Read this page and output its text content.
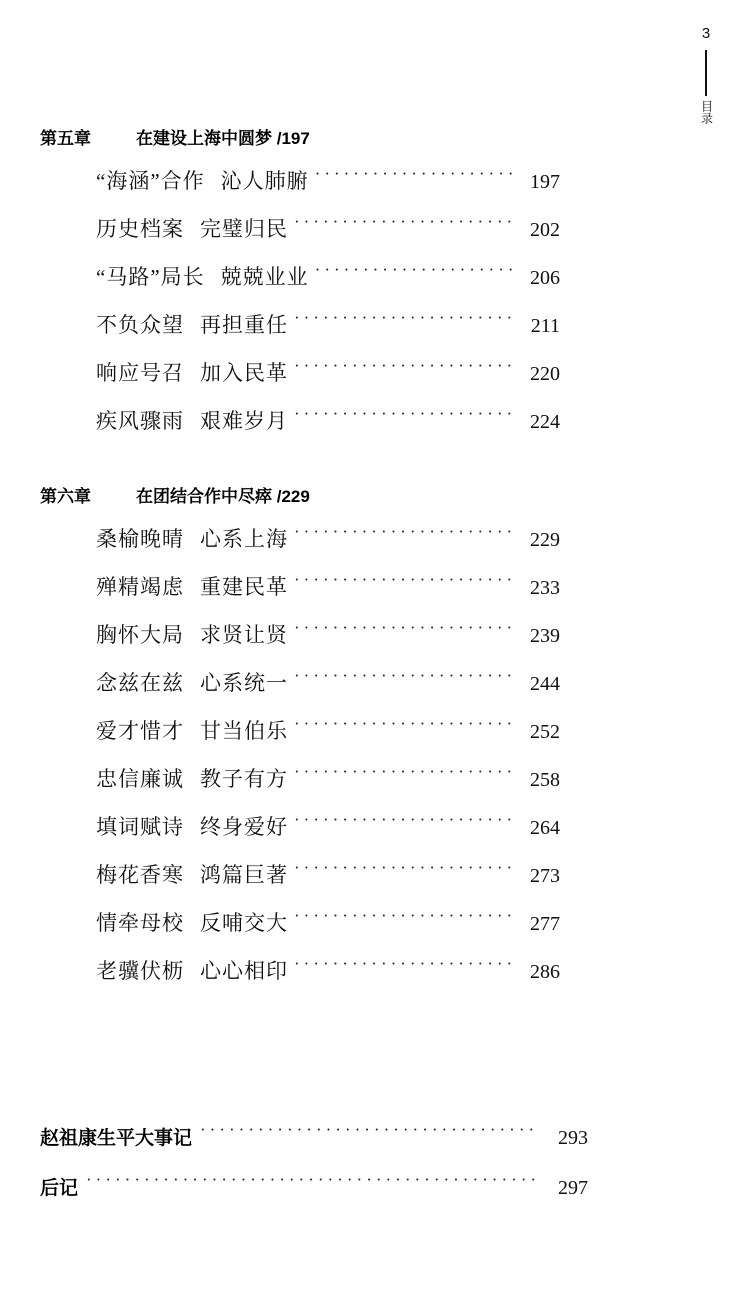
3
目录
第五章	在建设上海中圆梦 /197
“海涵”合作 沁人肺腑 ·····	197
历史档案 完璧归民 ·····	202
“马路”局长 兢兢业业 ·····	206
不负众望 再担重任 ·····	211
响应号召 加入民革 ·····	220
疾风骤雨 艰难岁月 ·····	224
第六章	在团结合作中尽瘁 /229
桑榆晚晴 心系上海 ·····	229
殚精竭虑 重建民革 ·····	233
胸怀大局 求贤让贤 ·····	239
念兹在兹 心系统一 ·····	244
爱才惜才 甘当伯乐 ·····	252
忠信廉诚 教子有方 ·····	258
填词赋诗 终身爱好 ·····	264
梅花香寒 鸿篇巨著 ·····	273
情牵母校 反哺交大 ·····	277
老骥伏枥 心心相印 ·····	286
赵祖康生平大事记 ·····	293
后记 ·····	297
